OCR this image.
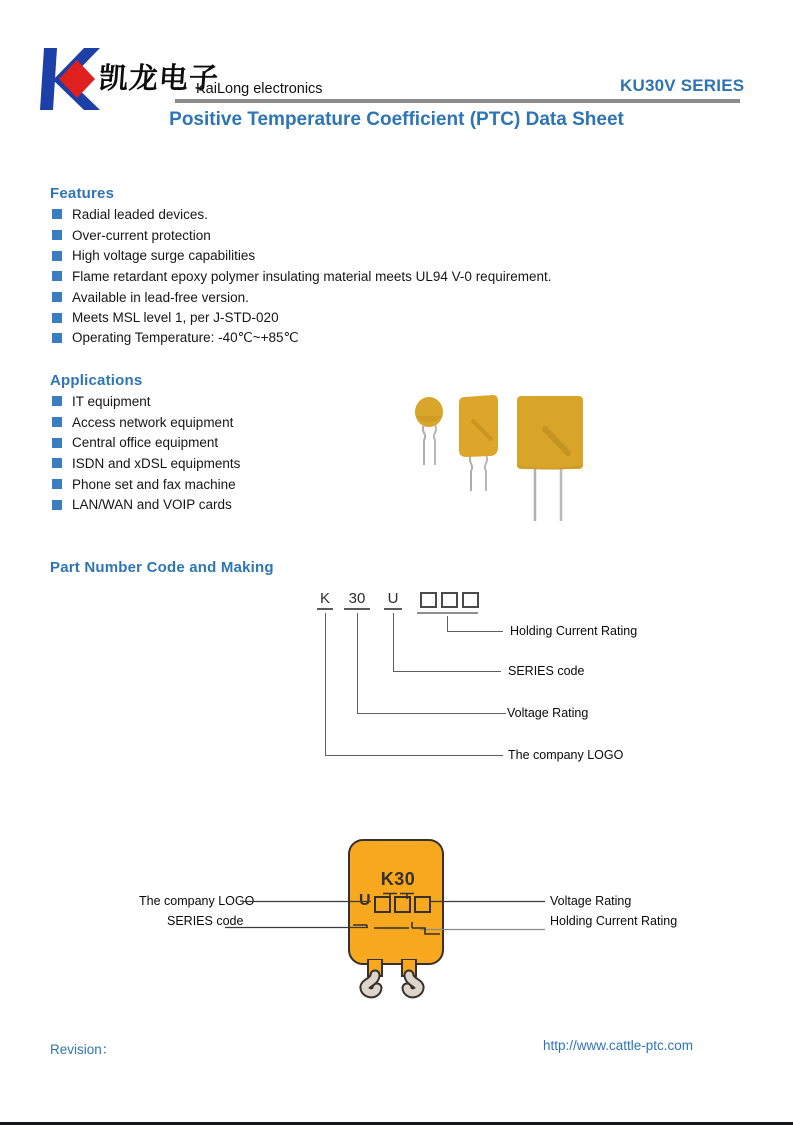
凯龙电子
KaiLong electronics	KU30V SERIES
Positive Temperature Coefficient (PTC) Data Sheet
Features
Radial leaded devices.
Over-current protection
High voltage surge capabilities
Flame retardant epoxy polymer insulating material meets UL94 V-0 requirement.
Available in lead-free version.
Meets MSL level 1, per J-STD-020
Operating Temperature: -40℃~+85℃
Applications
IT equipment
Access network equipment
Central office equipment
ISDN and xDSL equipments
Phone set and fax machine
LAN/WAN and VOIP cards
Part Number Code and Making
K	30	U
Holding Current Rating
SERIES code
Voltage Rating
The company LOGO
K30
U
The company LOGO
SERIES code
Voltage Rating
Holding Current Rating
Revision：	http://www.cattle-ptc.com
